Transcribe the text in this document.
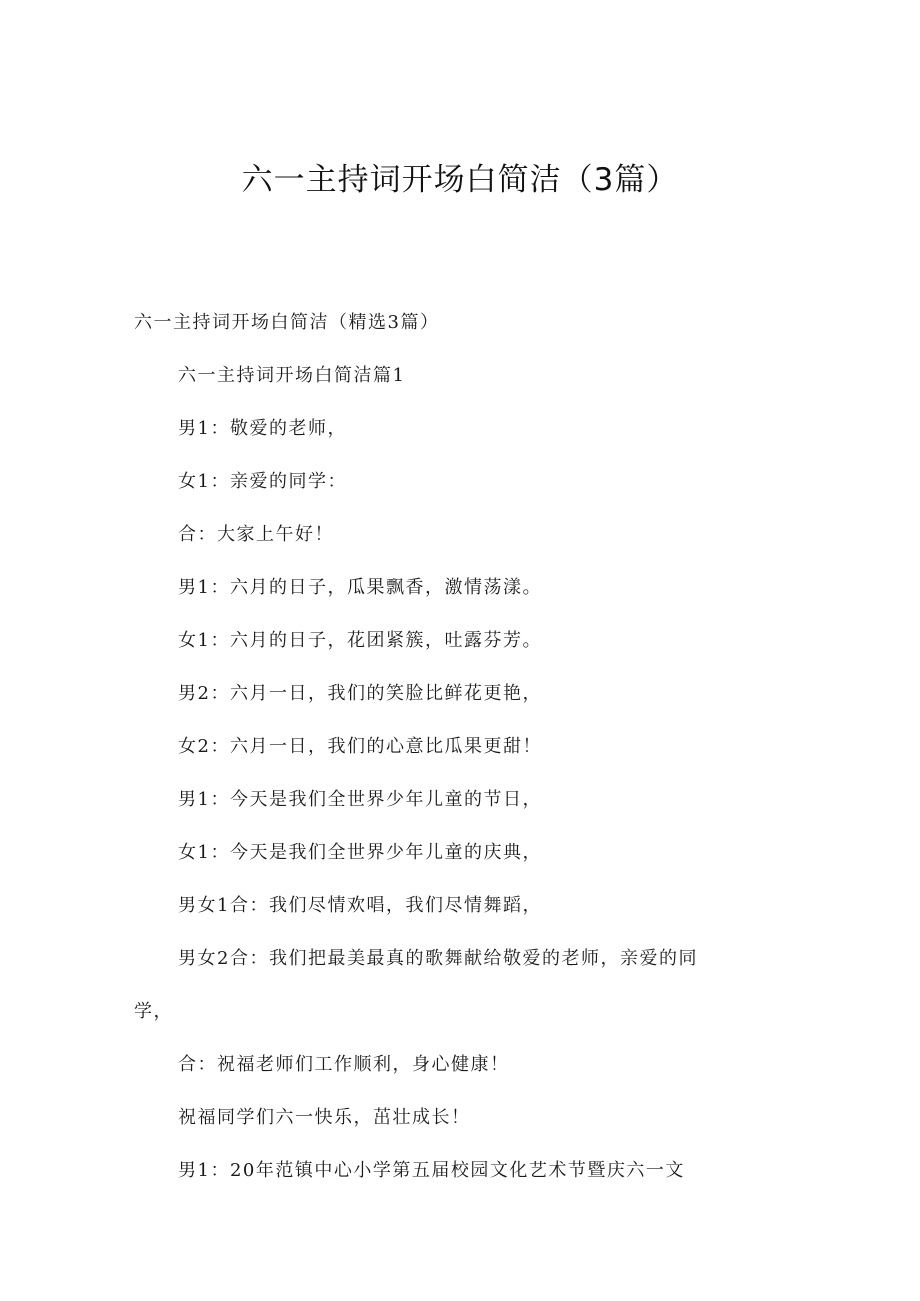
六一主持词开场白简洁（3篇）

六一主持词开场白简洁（精选3篇）

六一主持词开场白简洁篇1

男1：敬爱的老师，

女1：亲爱的同学：

合：大家上午好！

男1：六月的日子，瓜果飘香，激情荡漾。

女1：六月的日子，花团紧簇，吐露芬芳。

男2：六月一日，我们的笑脸比鲜花更艳，

女2：六月一日，我们的心意比瓜果更甜！

男1：今天是我们全世界少年儿童的节日，

女1：今天是我们全世界少年儿童的庆典，

男女1合：我们尽情欢唱，我们尽情舞蹈，

男女2合：我们把最美最真的歌舞献给敬爱的老师，亲爱的同学，

合：祝福老师们工作顺利，身心健康！

祝福同学们六一快乐，茁壮成长！

男1：20年范镇中心小学第五届校园文化艺术节暨庆六一文
